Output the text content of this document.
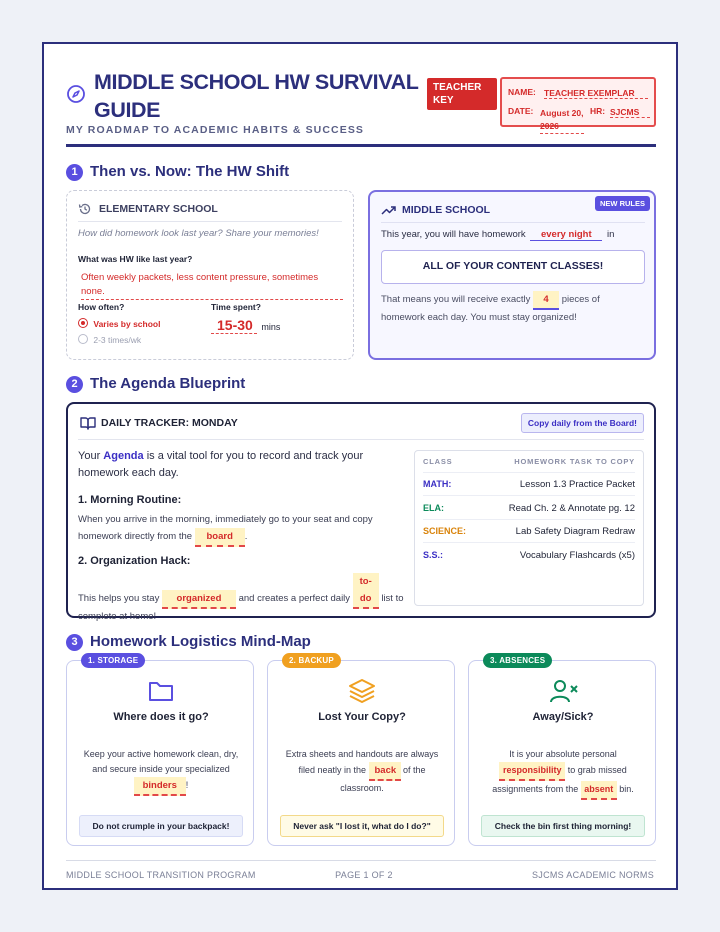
MIDDLE SCHOOL HW SURVIVAL
GUIDE
MY ROADMAP TO ACADEMIC HABITS & SUCCESS
TEACHER KEY
NAME: TEACHER EXEMPLAR
DATE: August 20, 2026
HR: SJCMS
1 Then vs. Now: The HW Shift
ELEMENTARY SCHOOL
How did homework look last year? Share your memories!
What was HW like last year?
Often weekly packets, less content pressure, sometimes none.
How often?
Varies by school
2-3 times/wk
Time spent?
15-30 mins
NEW RULES
MIDDLE SCHOOL
This year, you will have homework every night in
ALL OF YOUR CONTENT CLASSES!
That means you will receive exactly 4 pieces of
homework each day. You must stay organized!
2 The Agenda Blueprint
DAILY TRACKER: MONDAY	Copy daily from the Board!
Your Agenda is a vital tool for you to record and track your homework each day.
1. Morning Routine:
When you arrive in the morning, immediately go to your seat and copy homework directly from the board .
2. Organization Hack:
This helps you stay organized and creates a perfect daily to-do list to complete at home!
CLASS	HOMEWORK TASK TO COPY
MATH:	Lesson 1.3 Practice Packet
ELA:	Read Ch. 2 & Annotate pg. 12
SCIENCE:	Lab Safety Diagram Redraw
S.S.:	Vocabulary Flashcards (x5)
3 Homework Logistics Mind-Map
1. STORAGE
Where does it go?
Keep your active homework clean, dry, and secure inside your specialized binders !
Do not crumple in your backpack!
2. BACKUP
Lost Your Copy?
Extra sheets and handouts are always filed neatly in the back of the classroom.
Never ask "I lost it, what do I do?"
3. ABSENCES
Away/Sick?
It is your absolute personal responsibility to grab missed assignments from the absent bin.
Check the bin first thing morning!
MIDDLE SCHOOL TRANSITION PROGRAM	PAGE 1 OF 2	SJCMS ACADEMIC NORMS
